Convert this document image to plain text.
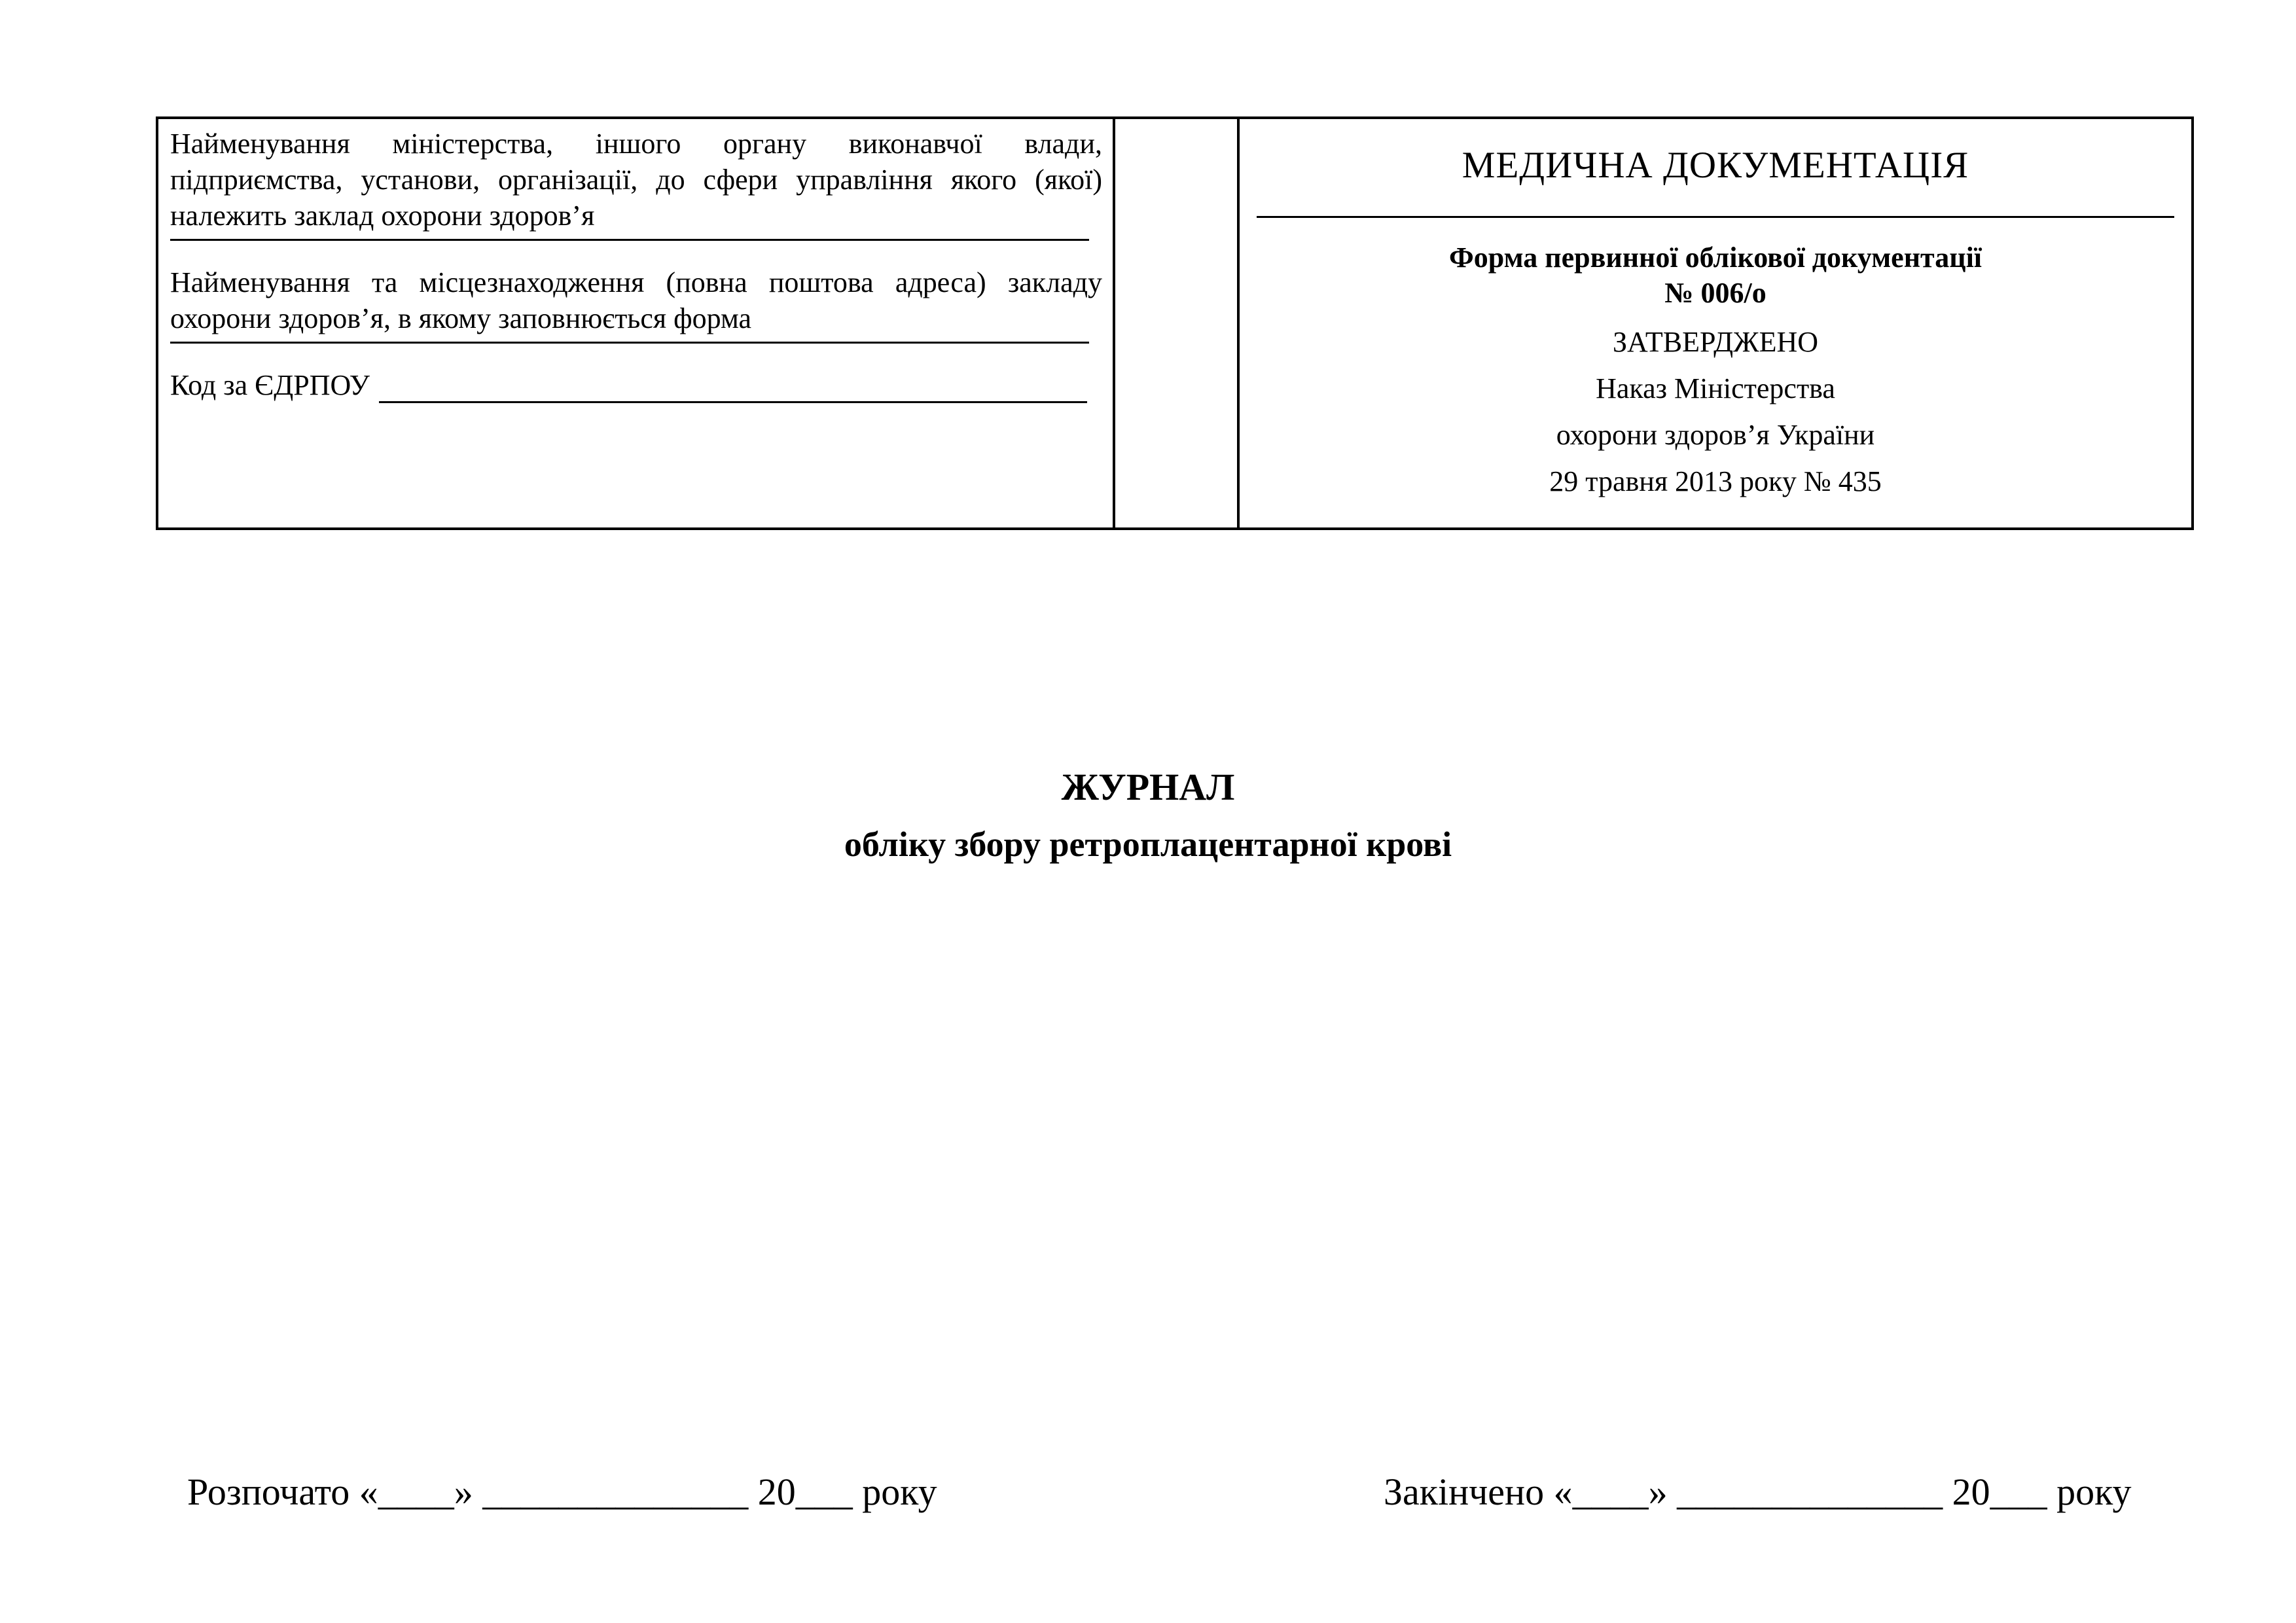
Найменування міністерства, іншого органу виконавчої влади, підприємства, установи, організації, до сфери управління якого (якої) належить заклад охорони здоров’я

Найменування та місцезнаходження (повна поштова адреса) закладу охорони здоров’я, в якому заповнюється форма

Код за ЄДРПОУ
МЕДИЧНА ДОКУМЕНТАЦІЯ
Форма первинної облікової документації
№ 006/о
ЗАТВЕРДЖЕНО
Наказ Міністерства
охорони здоров’я України
29 травня 2013 року № 435
ЖУРНАЛ
обліку збору ретроплацентарної крові
Розпочато «____» ______________ 20___ року	Закінчено «____» ______________ 20___ року
